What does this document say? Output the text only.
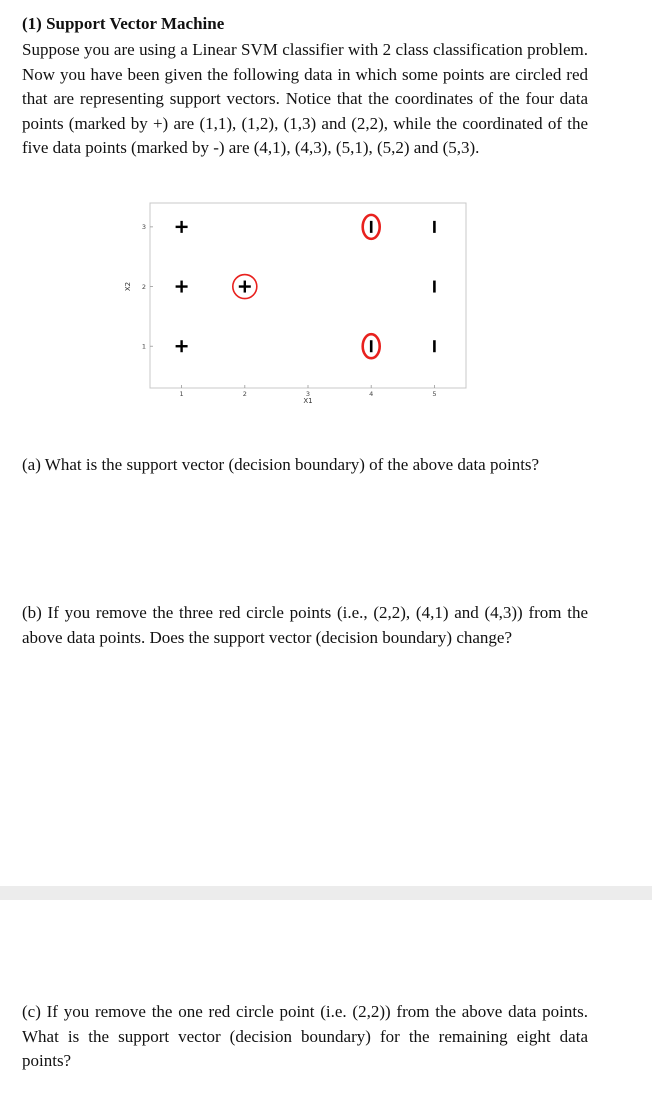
(1) Support Vector Machine

Suppose you are using a Linear SVM classifier with 2 class classification problem. Now you have been given the following data in which some points are circled red that are representing support vectors. Notice that the coordinates of the four data points (marked by +) are (1,1), (1,2), (1,3) and (2,2), while the coordinated of the five data points (marked by -) are (4,1), (4,3), (5,1), (5,2) and (5,3).

1	2	3	4	5
1
2
3
X1
X2

(a) What is the support vector (decision boundary) of the above data points?

(b) If you remove the three red circle points (i.e., (2,2), (4,1) and (4,3)) from the above data points. Does the support vector (decision boundary) change?

(c) If you remove the one red circle point (i.e. (2,2)) from the above data points. What is the support vector (decision boundary) for the remaining eight data points?
